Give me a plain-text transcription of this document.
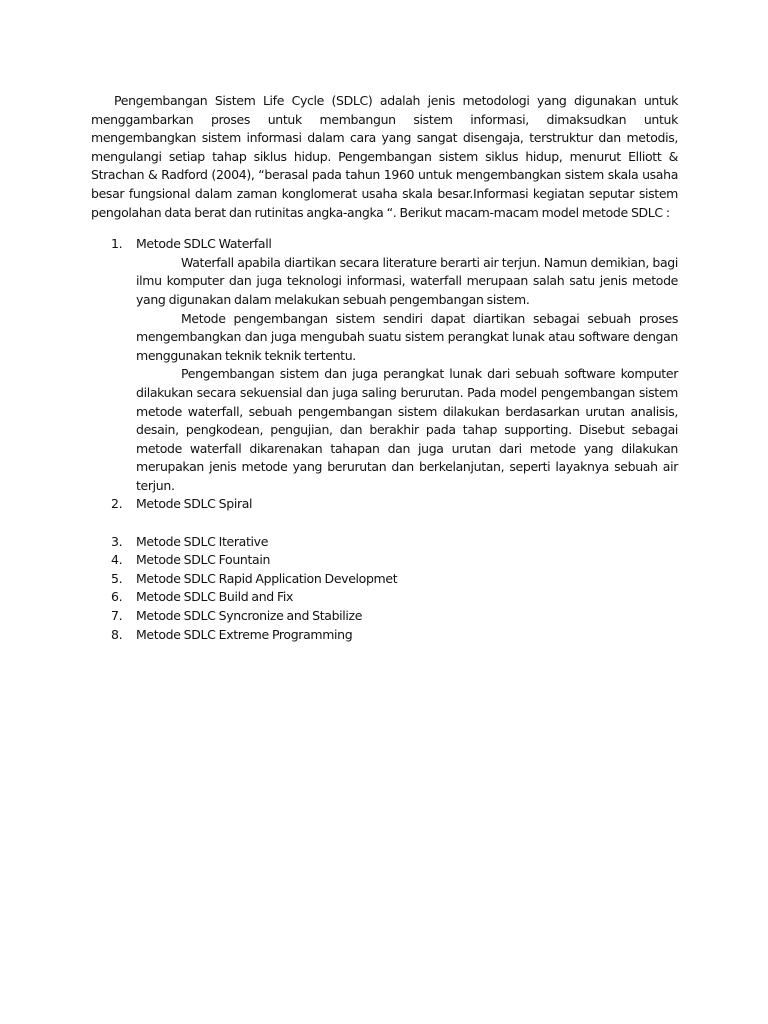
Pengembangan Sistem Life Cycle (SDLC) adalah jenis metodologi yang digunakan untuk menggambarkan proses untuk membangun sistem informasi, dimaksudkan untuk mengembangkan sistem informasi dalam cara yang sangat disengaja, terstruktur dan metodis, mengulangi setiap tahap siklus hidup. Pengembangan sistem siklus hidup, menurut Elliott & Strachan & Radford (2004), “berasal pada tahun 1960 untuk mengembangkan sistem skala usaha besar fungsional dalam zaman konglomerat usaha skala besar.Informasi kegiatan seputar sistem pengolahan data berat dan rutinitas angka-angka “. Berikut macam-macam model metode SDLC :

1. Metode SDLC Waterfall

Waterfall apabila diartikan secara literature berarti air terjun. Namun demikian, bagi ilmu komputer dan juga teknologi informasi, waterfall merupaan salah satu jenis metode yang digunakan dalam melakukan sebuah pengembangan sistem.

Metode pengembangan sistem sendiri dapat diartikan sebagai sebuah proses mengembangkan dan juga mengubah suatu sistem perangkat lunak atau software dengan menggunakan teknik teknik tertentu.

Pengembangan sistem dan juga perangkat lunak dari sebuah software komputer dilakukan secara sekuensial dan juga saling berurutan. Pada model pengembangan sistem metode waterfall, sebuah pengembangan sistem dilakukan berdasarkan urutan analisis, desain, pengkodean, pengujian, dan berakhir pada tahap supporting. Disebut sebagai metode waterfall dikarenakan tahapan dan juga urutan dari metode yang dilakukan merupakan jenis metode yang berurutan dan berkelanjutan, seperti layaknya sebuah air terjun.

2. Metode SDLC Spiral
3. Metode SDLC Iterative
4. Metode SDLC Fountain
5. Metode SDLC Rapid Application Developmet
6. Metode SDLC Build and Fix
7. Metode SDLC Syncronize and Stabilize
8. Metode SDLC Extreme Programming
